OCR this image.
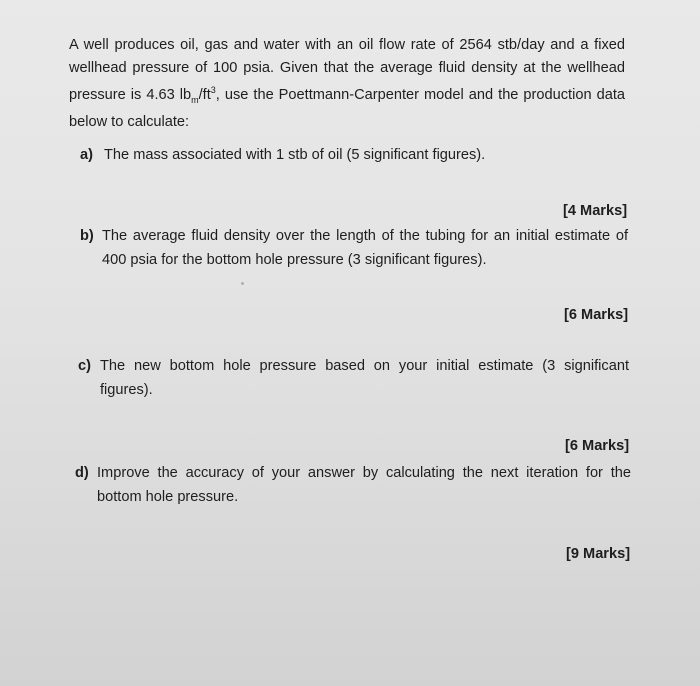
A well produces oil, gas and water with an oil flow rate of 2564 stb/day and a fixed wellhead pressure of 100 psia. Given that the average fluid density at the wellhead pressure is 4.63 $lb_m/ft^3$, use the Poettmann-Carpenter model and the production data below to calculate:
a) The mass associated with 1 stb of oil (5 significant figures).
[4 Marks]
b) The average fluid density over the length of the tubing for an initial estimate of 400 psia for the bottom hole pressure (3 significant figures).
[6 Marks]
c) The new bottom hole pressure based on your initial estimate (3 significant figures).
[6 Marks]
d) Improve the accuracy of your answer by calculating the next iteration for the bottom hole pressure.
[9 Marks]
